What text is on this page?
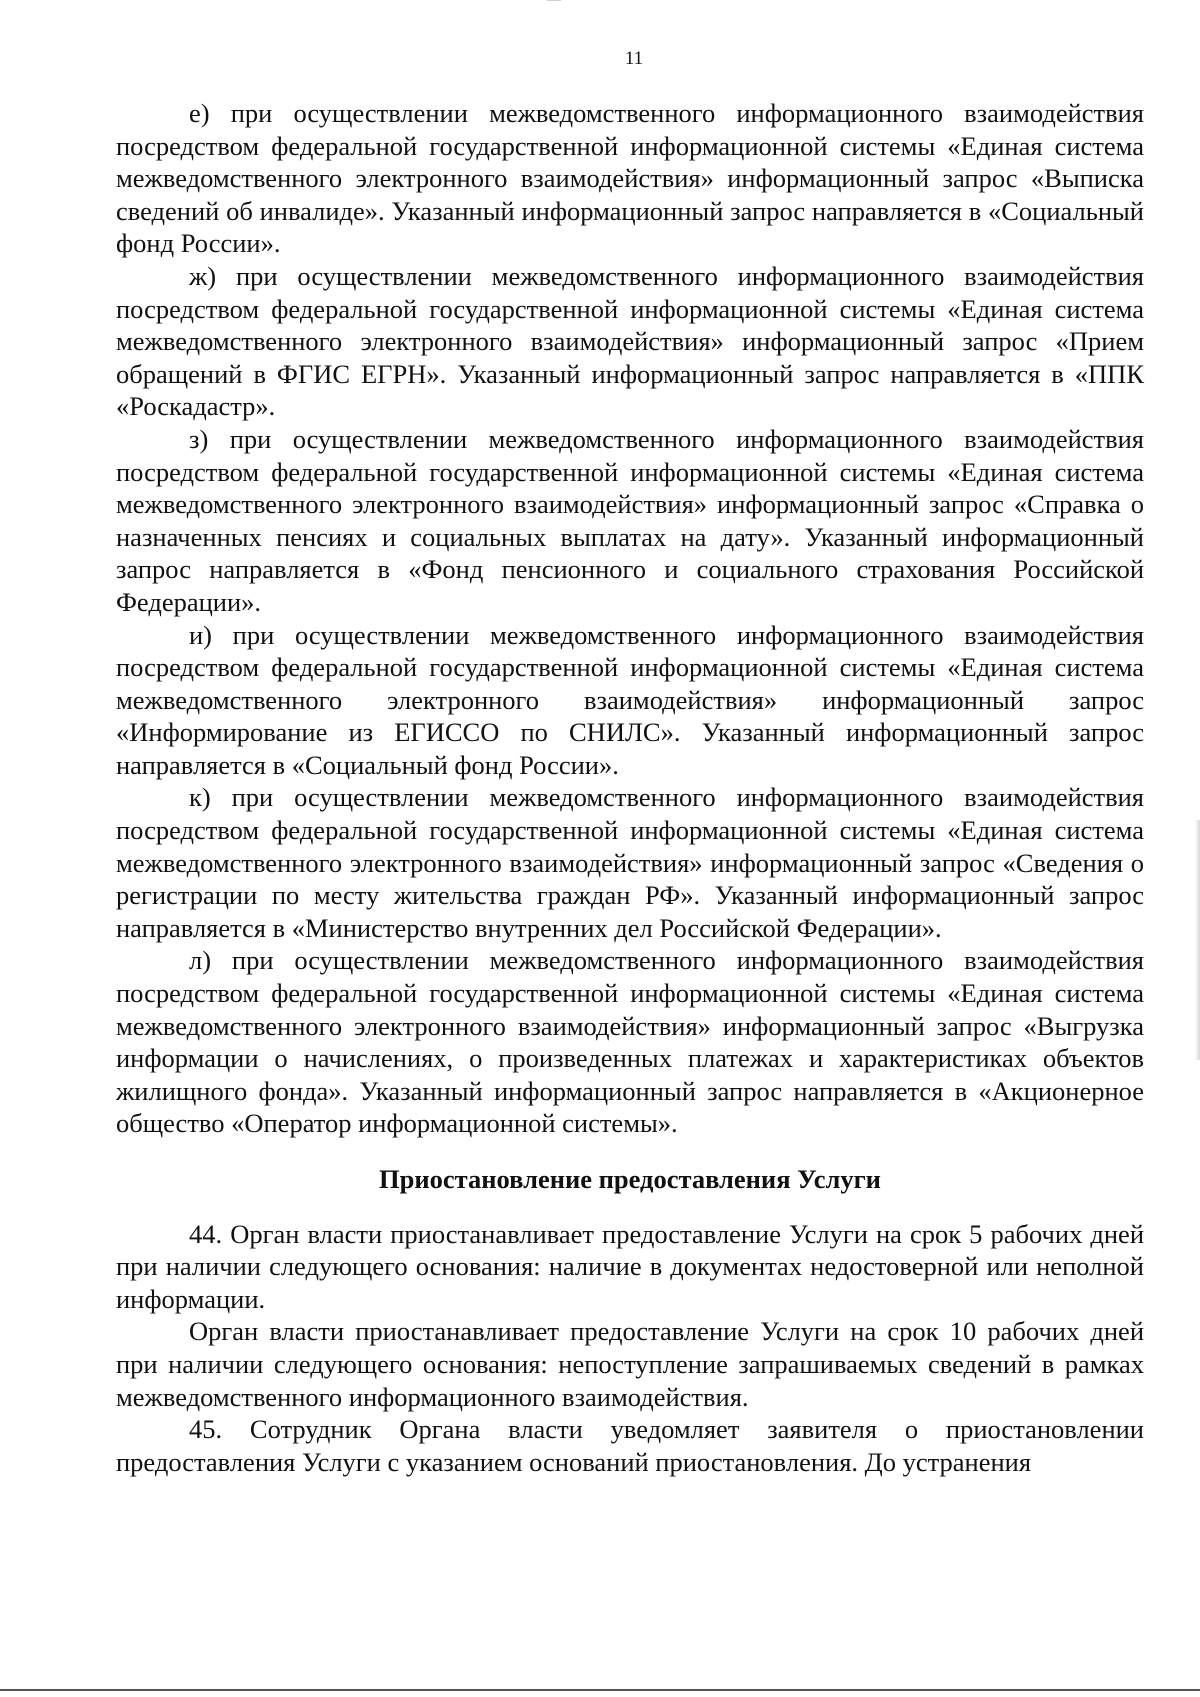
11

е) при осуществлении межведомственного информационного взаимодействия посредством федеральной государственной информационной системы «Единая система межведомственного электронного взаимодействия» информационный запрос «Выписка сведений об инвалиде». Указанный информационный запрос направляется в «Социальный фонд России».

ж) при осуществлении межведомственного информационного взаимодействия посредством федеральной государственной информационной системы «Единая система межведомственного электронного взаимодействия» информационный запрос «Прием обращений в ФГИС ЕГРН». Указанный информационный запрос направляется в «ППК «Роскадастр».

з) при осуществлении межведомственного информационного взаимодействия посредством федеральной государственной информационной системы «Единая система межведомственного электронного взаимодействия» информационный запрос «Справка о назначенных пенсиях и социальных выплатах на дату». Указанный информационный запрос направляется в «Фонд пенсионного и социального страхования Российской Федерации».

и) при осуществлении межведомственного информационного взаимодействия посредством федеральной государственной информационной системы «Единая система межведомственного электронного взаимодействия» информационный запрос «Информирование из ЕГИССО по СНИЛС». Указанный информационный запрос направляется в «Социальный фонд России».

к) при осуществлении межведомственного информационного взаимодействия посредством федеральной государственной информационной системы «Единая система межведомственного электронного взаимодействия» информационный запрос «Сведения о регистрации по месту жительства граждан РФ». Указанный информационный запрос направляется в «Министерство внутренних дел Российской Федерации».

л) при осуществлении межведомственного информационного взаимодействия посредством федеральной государственной информационной системы «Единая система межведомственного электронного взаимодействия» информационный запрос «Выгрузка информации о начислениях, о произведенных платежах и характеристиках объектов жилищного фонда». Указанный информационный запрос направляется в «Акционерное общество «Оператор информационной системы».

Приостановление предоставления Услуги

44. Орган власти приостанавливает предоставление Услуги на срок 5 рабочих дней при наличии следующего основания: наличие в документах недостоверной или неполной информации.

Орган власти приостанавливает предоставление Услуги на срок 10 рабочих дней при наличии следующего основания: непоступление запрашиваемых сведений в рамках межведомственного информационного взаимодействия.

45. Сотрудник Органа власти уведомляет заявителя о приостановлении предоставления Услуги с указанием оснований приостановления. До устранения
